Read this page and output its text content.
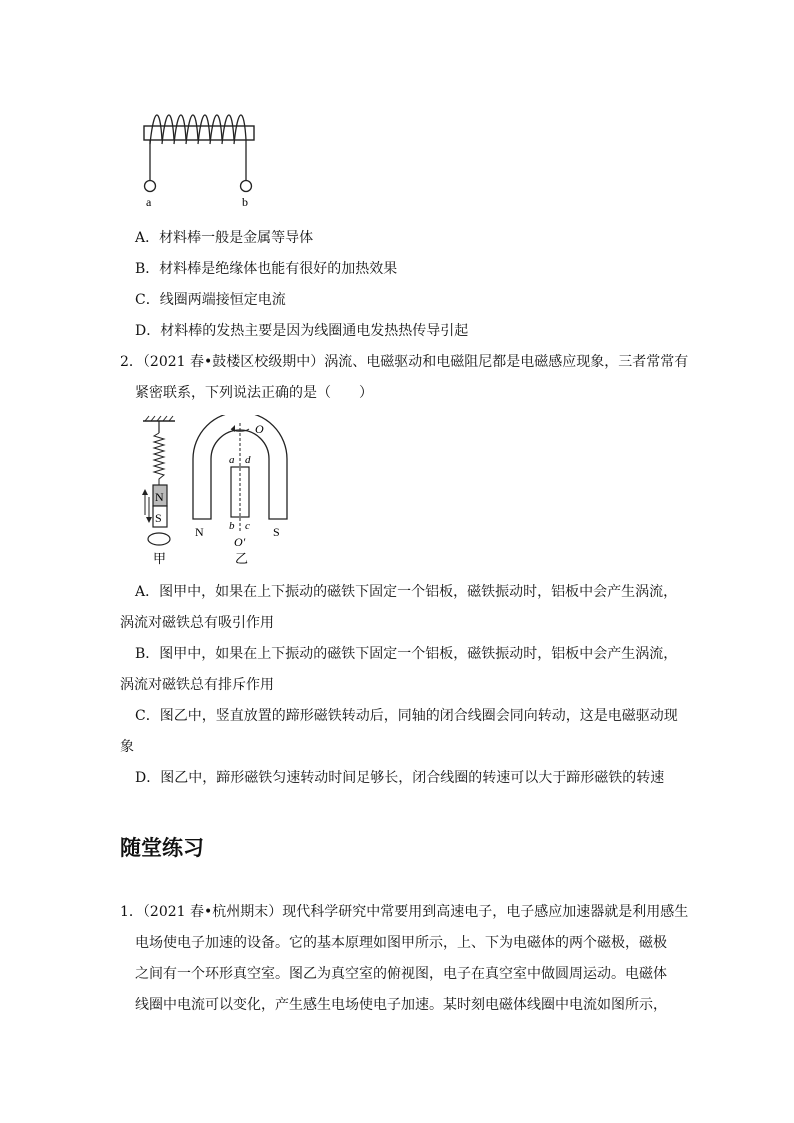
a	b
A．材料棒一般是金属等导体
B．材料棒是绝缘体也能有很好的加热效果
C．线圈两端接恒定电流
D．材料棒的发热主要是因为线圈通电发热热传导引起
2．（2021 春•鼓楼区校级期中）涡流、电磁驱动和电磁阻尼都是电磁感应现象，三者常常有
紧密联系，下列说法正确的是（　　）
N
S
甲
O
a d
b c
N	S
O′
乙
A．图甲中，如果在上下振动的磁铁下固定一个铝板，磁铁振动时，铝板中会产生涡流，
涡流对磁铁总有吸引作用
B．图甲中，如果在上下振动的磁铁下固定一个铝板，磁铁振动时，铝板中会产生涡流，
涡流对磁铁总有排斥作用
C．图乙中，竖直放置的蹄形磁铁转动后，同轴的闭合线圈会同向转动，这是电磁驱动现
象
D．图乙中，蹄形磁铁匀速转动时间足够长，闭合线圈的转速可以大于蹄形磁铁的转速
随堂练习
1．（2021 春•杭州期末）现代科学研究中常要用到高速电子，电子感应加速器就是利用感生
电场使电子加速的设备。它的基本原理如图甲所示，上、下为电磁体的两个磁极，磁极
之间有一个环形真空室。图乙为真空室的俯视图，电子在真空室中做圆周运动。电磁体
线圈中电流可以变化，产生感生电场使电子加速。某时刻电磁体线圈中电流如图所示，
